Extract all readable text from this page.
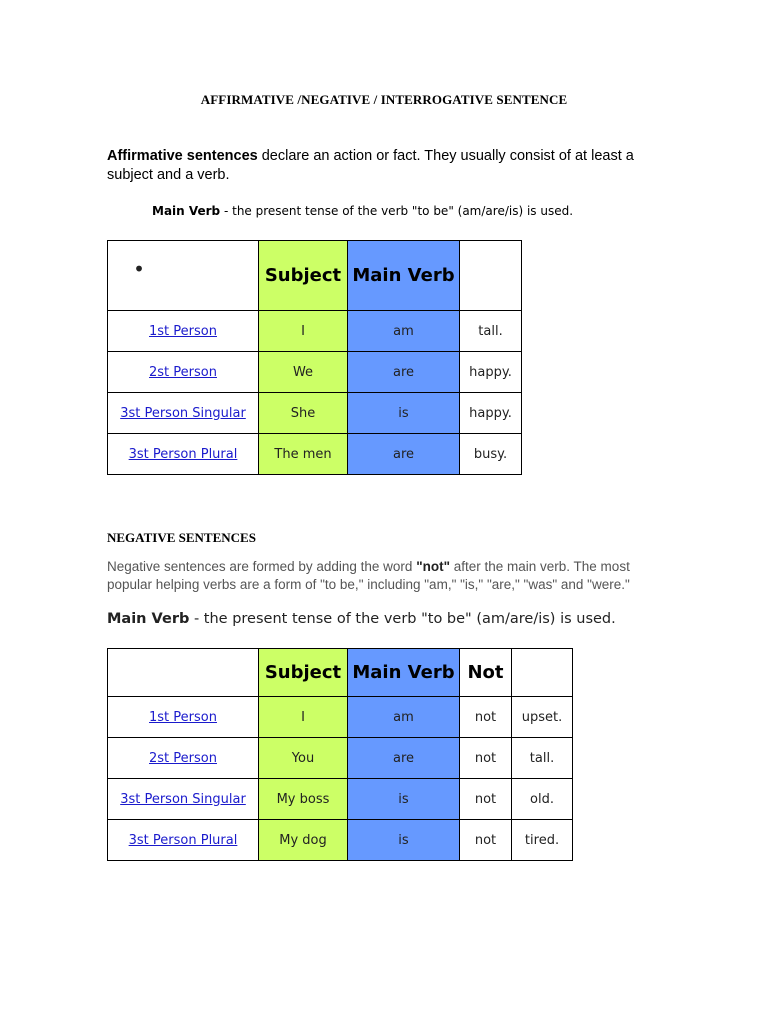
AFFIRMATIVE /NEGATIVE / INTERROGATIVE SENTENCE
Affirmative sentences declare an action or fact. They usually consist of at least a subject and a verb.
Main Verb - the present tense of the verb "to be" (am/are/is) is used.
•	Subject	Main Verb	
1st Person	I	am	tall.
2st Person	We	are	happy.
3st Person Singular	She	is	happy.
3st Person Plural	The men	are	busy.
NEGATIVE SENTENCES
Negative sentences are formed by adding the word "not" after the main verb. The most popular helping verbs are a form of "to be," including "am," "is," "are," "was" and "were."
Main Verb - the present tense of the verb "to be" (am/are/is) is used.
	Subject	Main Verb	Not	
1st Person	I	am	not	upset.
2st Person	You	are	not	tall.
3st Person Singular	My boss	is	not	old.
3st Person Plural	My dog	is	not	tired.
